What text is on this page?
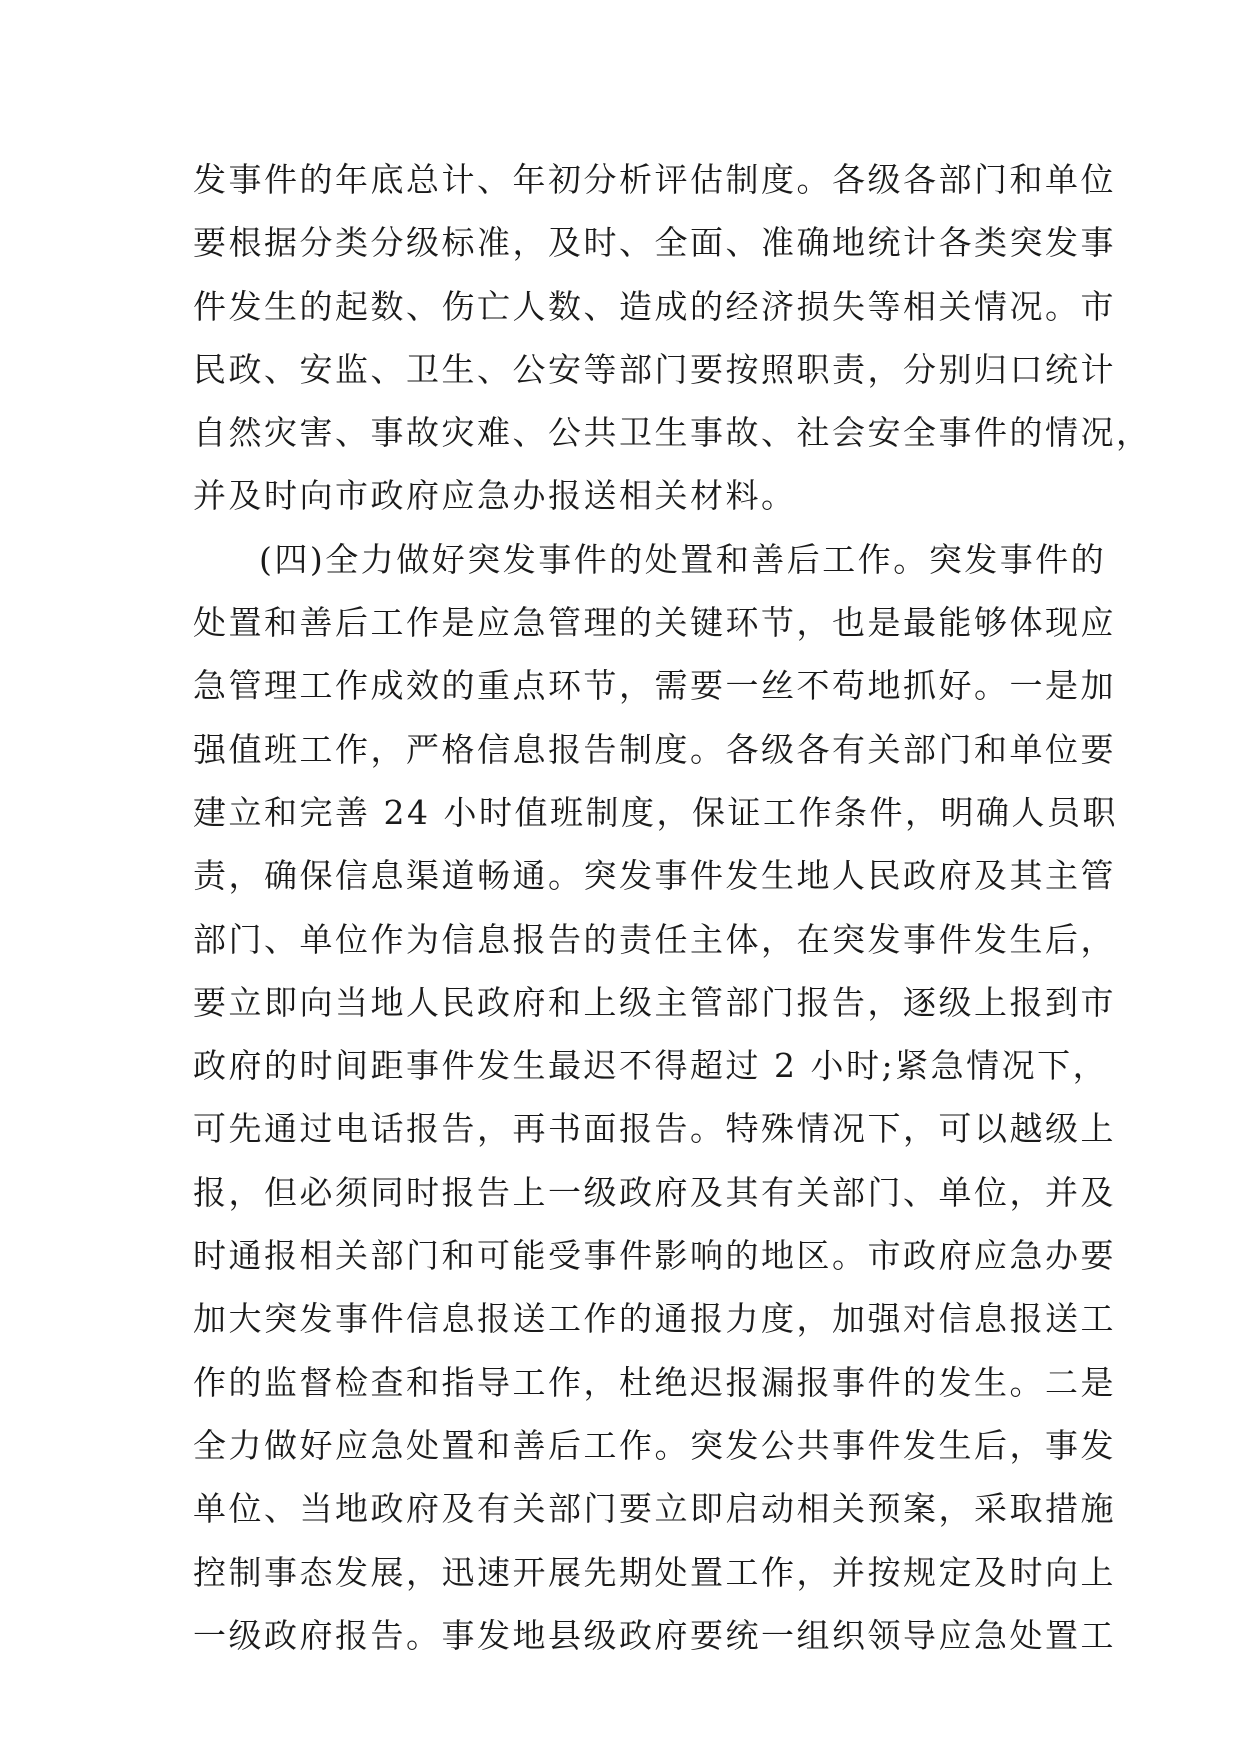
发事件的年底总计、年初分析评估制度。各级各部门和单位
要根据分类分级标准，及时、全面、准确地统计各类突发事
件发生的起数、伤亡人数、造成的经济损失等相关情况。市
民政、安监、卫生、公安等部门要按照职责，分别归口统计
自然灾害、事故灾难、公共卫生事故、社会安全事件的情况，
并及时向市政府应急办报送相关材料。
(四)全力做好突发事件的处置和善后工作。突发事件的
处置和善后工作是应急管理的关键环节，也是最能够体现应
急管理工作成效的重点环节，需要一丝不苟地抓好。一是加
强值班工作，严格信息报告制度。各级各有关部门和单位要
建立和完善 24 小时值班制度，保证工作条件，明确人员职
责，确保信息渠道畅通。突发事件发生地人民政府及其主管
部门、单位作为信息报告的责任主体，在突发事件发生后，
要立即向当地人民政府和上级主管部门报告，逐级上报到市
政府的时间距事件发生最迟不得超过 2 小时;紧急情况下，
可先通过电话报告，再书面报告。特殊情况下，可以越级上
报，但必须同时报告上一级政府及其有关部门、单位，并及
时通报相关部门和可能受事件影响的地区。市政府应急办要
加大突发事件信息报送工作的通报力度，加强对信息报送工
作的监督检查和指导工作，杜绝迟报漏报事件的发生。二是
全力做好应急处置和善后工作。突发公共事件发生后，事发
单位、当地政府及有关部门要立即启动相关预案，采取措施
控制事态发展，迅速开展先期处置工作，并按规定及时向上
一级政府报告。事发地县级政府要统一组织领导应急处置工
